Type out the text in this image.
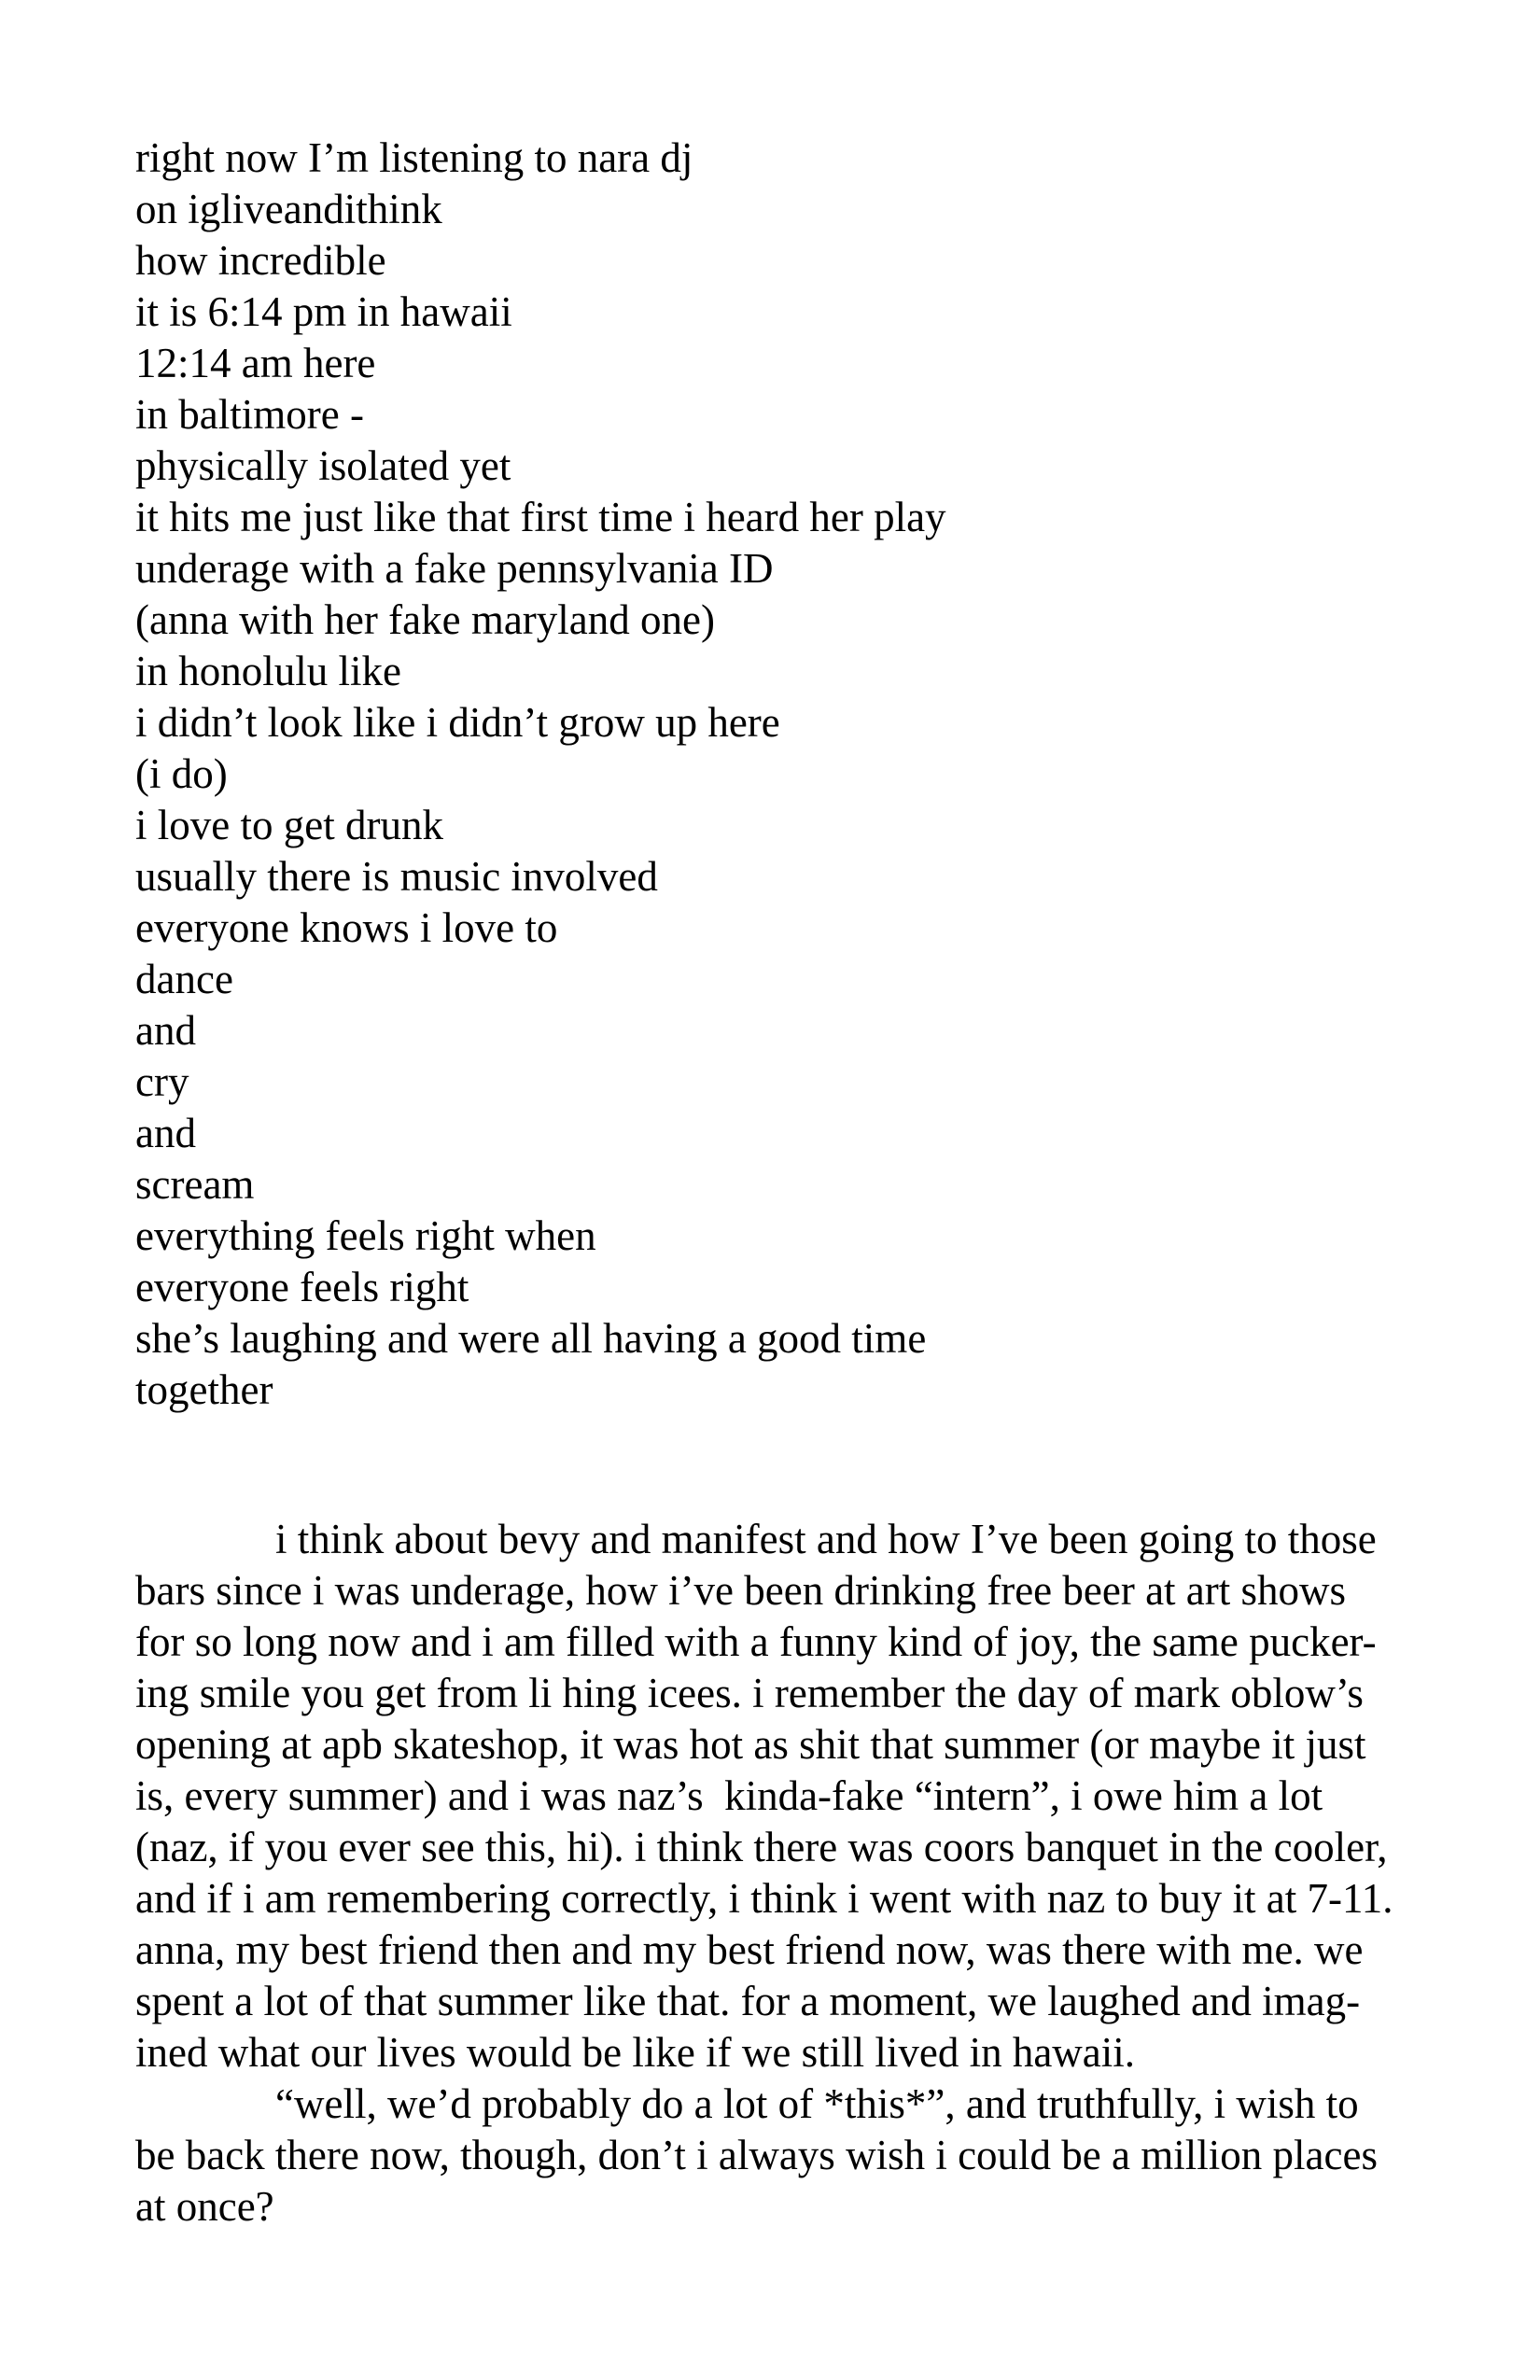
right now I’m listening to nara dj
on igliveandithink
how incredible
it is 6:14 pm in hawaii
12:14 am here
in baltimore -
physically isolated yet
it hits me just like that first time i heard her play
underage with a fake pennsylvania ID
(anna with her fake maryland one)
in honolulu like
i didn’t look like i didn’t grow up here
(i do)
i love to get drunk
usually there is music involved
everyone knows i love to
dance
and
cry
and
scream
everything feels right when
everyone feels right
she’s laughing and were all having a good time
together
i think about bevy and manifest and how I’ve been going to those
bars since i was underage, how i’ve been drinking free beer at art shows
for so long now and i am filled with a funny kind of joy, the same pucker-
ing smile you get from li hing icees. i remember the day of mark oblow’s
opening at apb skateshop, it was hot as shit that summer (or maybe it just
is, every summer) and i was naz’s  kinda-fake “intern”, i owe him a lot
(naz, if you ever see this, hi). i think there was coors banquet in the cooler,
and if i am remembering correctly, i think i went with naz to buy it at 7-11.
anna, my best friend then and my best friend now, was there with me. we
spent a lot of that summer like that. for a moment, we laughed and imag-
ined what our lives would be like if we still lived in hawaii.
“well, we’d probably do a lot of *this*”, and truthfully, i wish to
be back there now, though, don’t i always wish i could be a million places
at once?
